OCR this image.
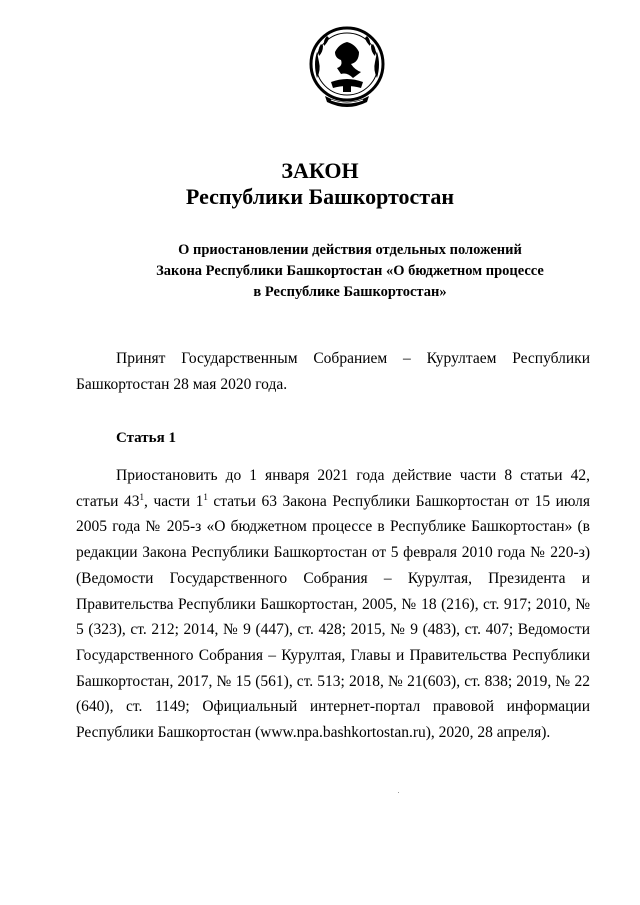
ЗАКОН
Республики Башкортостан
О приостановлении действия отдельных положений
Закона Республики Башкортостан «О бюджетном процессе
в Республике Башкортостан»

Принят Государственным Собранием – Курултаем Республики Башкортостан 28 мая 2020 года.

Статья 1

Приостановить до 1 января 2021 года действие части 8 статьи 42, статьи $43^1$, части $1^1$ статьи 63 Закона Республики Башкортостан от 15 июля 2005 года № 205-з «О бюджетном процессе в Республике Башкортостан» (в редакции Закона Республики Башкортостан от 5 февраля 2010 года № 220-з) (Ведомости Государственного Собрания – Курултая, Президента и Правительства Республики Башкортостан, 2005, № 18 (216), ст. 917; 2010, № 5 (323), ст. 212; 2014, № 9 (447), ст. 428; 2015, № 9 (483), ст. 407; Ведомости Государственного Собрания – Курултая, Главы и Правительства Республики Башкортостан, 2017, № 15 (561), ст. 513; 2018, № 21(603), ст. 838; 2019, № 22 (640), ст. 1149; Официальный интернет-портал правовой информации Республики Башкортостан (www.npa.bashkortostan.ru), 2020, 28 апреля).
